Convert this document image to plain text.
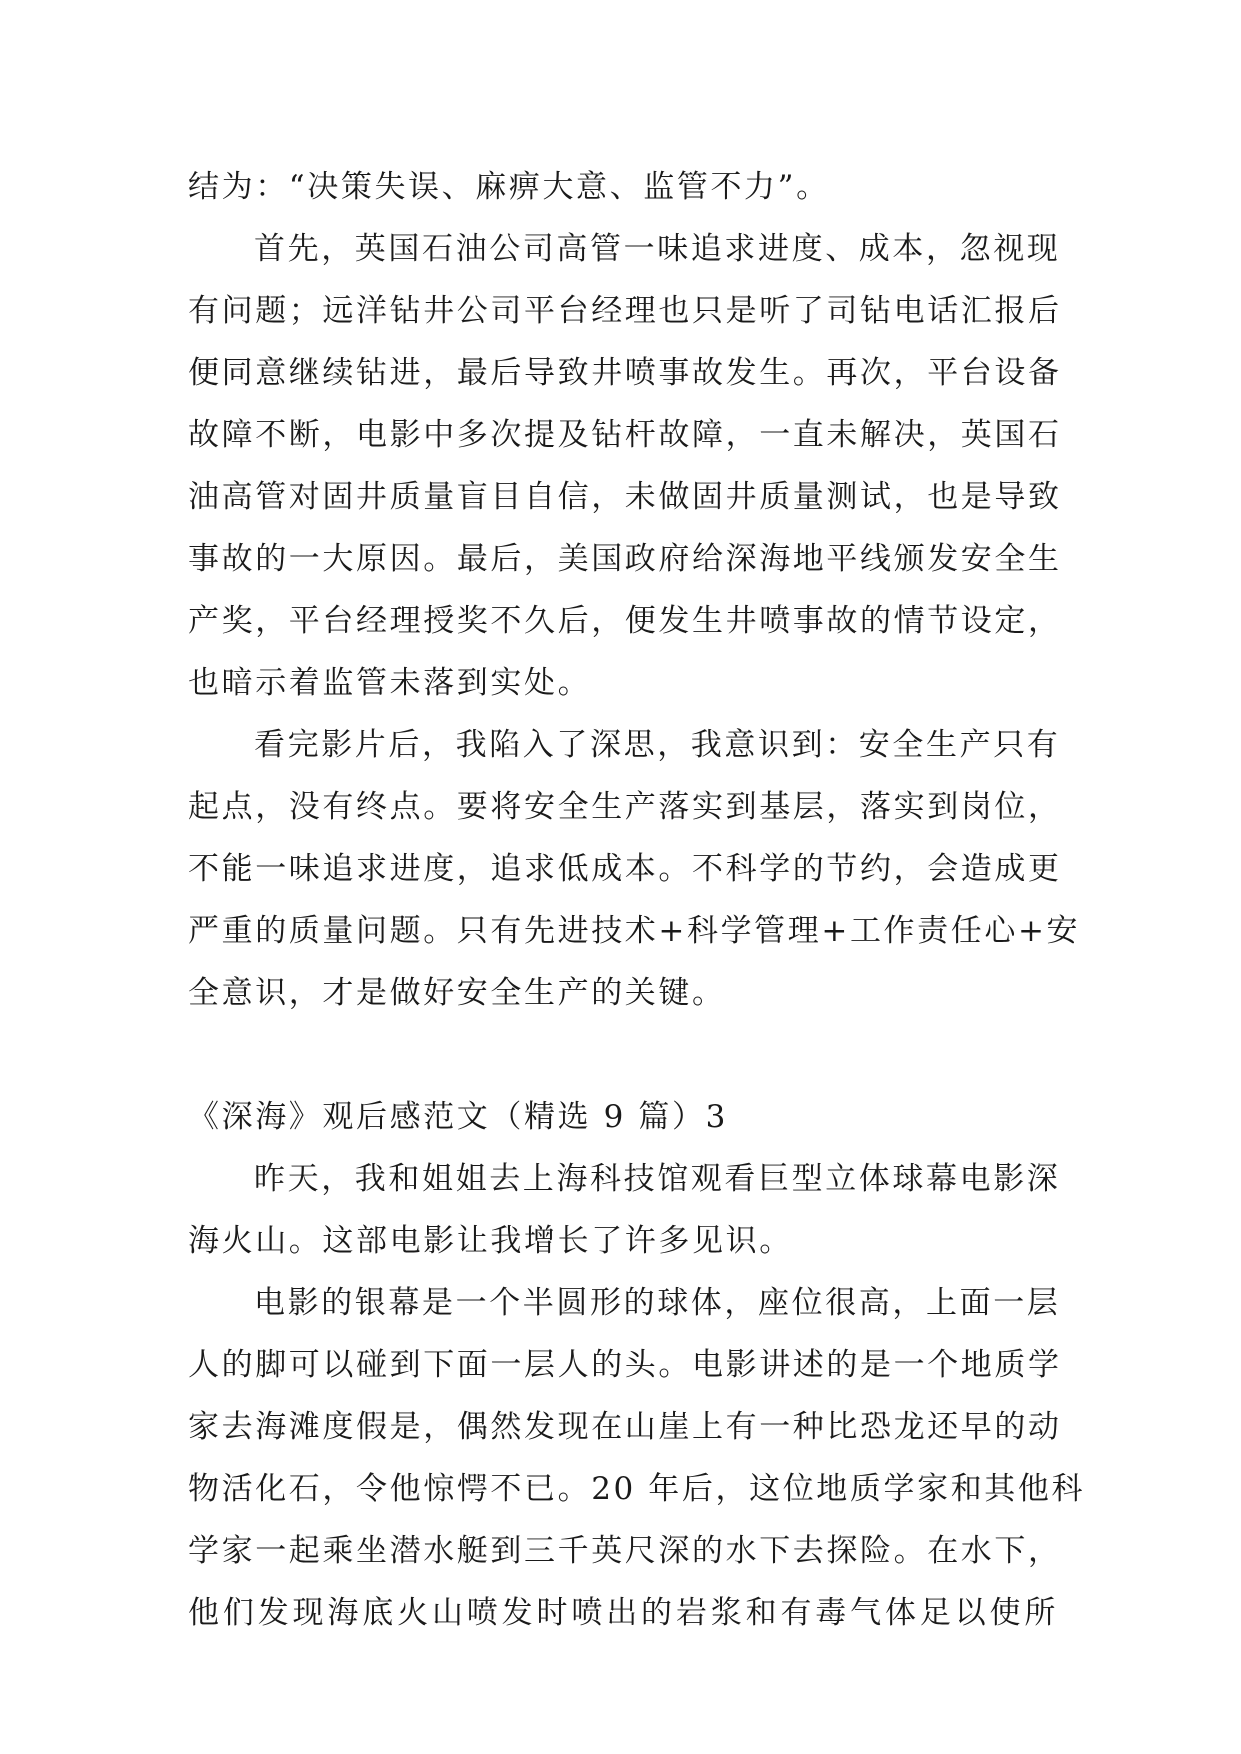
结为：“决策失误、麻痹大意、监管不力”。

首先，英国石油公司高管一味追求进度、成本，忽视现

有问题；远洋钻井公司平台经理也只是听了司钻电话汇报后

便同意继续钻进，最后导致井喷事故发生。再次，平台设备

故障不断，电影中多次提及钻杆故障，一直未解决，英国石

油高管对固井质量盲目自信，未做固井质量测试，也是导致

事故的一大原因。最后，美国政府给深海地平线颁发安全生

产奖，平台经理授奖不久后，便发生井喷事故的情节设定，

也暗示着监管未落到实处。

看完影片后，我陷入了深思，我意识到：安全生产只有

起点，没有终点。要将安全生产落实到基层，落实到岗位，

不能一味追求进度，追求低成本。不科学的节约，会造成更

严重的质量问题。只有先进技术+科学管理+工作责任心+安

全意识，才是做好安全生产的关键。

《深海》观后感范文（精选 9 篇）3

昨天，我和姐姐去上海科技馆观看巨型立体球幕电影深

海火山。这部电影让我增长了许多见识。

电影的银幕是一个半圆形的球体，座位很高，上面一层

人的脚可以碰到下面一层人的头。电影讲述的是一个地质学

家去海滩度假是，偶然发现在山崖上有一种比恐龙还早的动

物活化石，令他惊愕不已。20 年后，这位地质学家和其他科

学家一起乘坐潜水艇到三千英尺深的水下去探险。在水下，

他们发现海底火山喷发时喷出的岩浆和有毒气体足以使所
